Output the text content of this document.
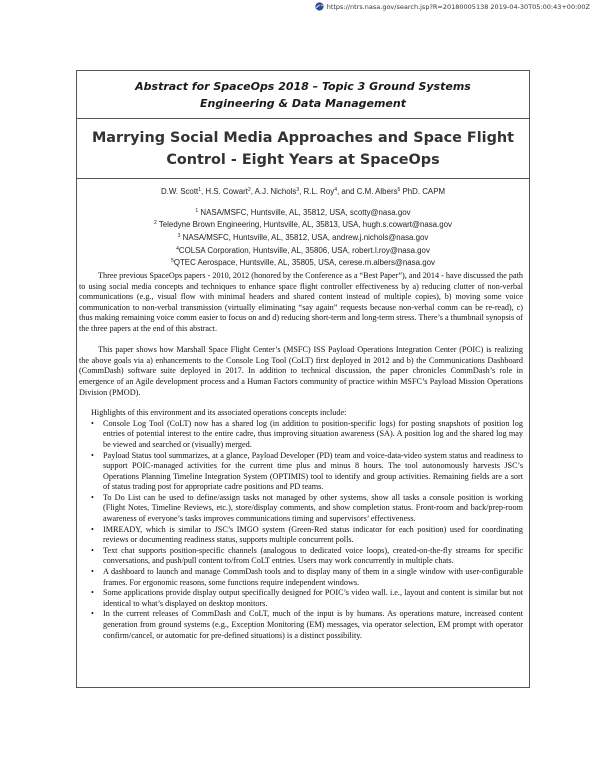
https://ntrs.nasa.gov/search.jsp?R=20180005138 2019-04-30T05:00:43+00:00Z
Abstract for SpaceOps 2018 – Topic 3 Ground Systems Engineering & Data Management
Marrying Social Media Approaches and Space Flight Control - Eight Years at SpaceOps
D.W. Scott$^1$, H.S. Cowart$^2$, A.J. Nichols$^3$, R.L. Roy$^4$, and C.M. Albers$^5$ PhD. CAPM
$^1$ NASA/MSFC, Huntsville, AL, 35812, USA, scotty@nasa.gov
$^2$ Teledyne Brown Engineering, Huntsville, AL, 35813, USA, hugh.s.cowart@nasa.gov
$^3$ NASA/MSFC, Huntsville, AL, 35812, USA, andrew.j.nichols@nasa.gov
$^4$COLSA Corporation, Huntsville, AL, 35806, USA, robert.l.roy@nasa.gov
$^5$QTEC Aerospace, Huntsville, AL, 35805, USA, cerese.m.albers@nasa.gov

Three previous SpaceOps papers - 2010, 2012 (honored by the Conference as a “Best Paper”), and 2014 - have discussed the path to using social media concepts and techniques to enhance space flight controller effectiveness by a) reducing clutter of non-verbal communications (e.g., visual flow with minimal headers and shared content instead of multiple copies), b) moving some voice communication to non-verbal transmission (virtually eliminating “say again” requests because non-verbal comm can be re-read), c) thus making remaining voice comm easier to focus on and d) reducing short-term and long-term stress. There’s a thumbnail synopsis of the three papers at the end of this abstract.

This paper shows how Marshall Space Flight Center’s (MSFC) ISS Payload Operations Integration Center (POIC) is realizing the above goals via a) enhancements to the Console Log Tool (CoLT) first deployed in 2012 and b) the Communications Dashboard (CommDash) software suite deployed in 2017. In addition to technical discussion, the paper chronicles CommDash’s role in emergence of an Agile development process and a Human Factors community of practice within MSFC’s Payload Mission Operations Division (PMOD).

Highlights of this environment and its associated operations concepts include:

• Console Log Tool (CoLT) now has a shared log (in addition to position-specific logs) for posting snapshots of position log entries of potential interest to the entire cadre, thus improving situation awareness (SA). A position log and the shared log may be viewed and searched or (visually) merged.
• Payload Status tool summarizes, at a glance, Payload Developer (PD) team and voice-data-video system status and readiness to support POIC-managed activities for the current time plus and minus 8 hours. The tool autonomously harvests JSC’s Operations Planning Timeline Integration System (OPTIMIS) tool to identify and group activities. Remaining fields are a sort of status trading post for appropriate cadre positions and PD teams.
• To Do List can be used to define/assign tasks not managed by other systems, show all tasks a console position is working (Flight Notes, Timeline Reviews, etc.), store/display comments, and show completion status. Front-room and back/prep-room awareness of everyone’s tasks improves communications timing and supervisors’ effectiveness.
• IMREADY, which is similar to JSC’s IMGO system (Green-Red status indicator for each position) used for coordinating reviews or documenting readiness status, supports multiple concurrent polls.
• Text chat supports position-specific channels (analogous to dedicated voice loops), created-on-the-fly streams for specific conversations, and push/pull content to/from CoLT entries. Users may work concurrently in multiple chats.
• A dashboard to launch and manage CommDash tools and to display many of them in a single window with user-configurable frames. For ergonomic reasons, some functions require independent windows.
• Some applications provide display output specifically designed for POIC’s video wall. i.e., layout and content is similar but not identical to what’s displayed on desktop monitors.
• In the current releases of CommDash and CoLT, much of the input is by humans. As operations mature, increased content generation from ground systems (e.g., Exception Monitoring (EM) messages, via operator selection, EM prompt with operator confirm/cancel, or automatic for pre-defined situations) is a distinct possibility.
